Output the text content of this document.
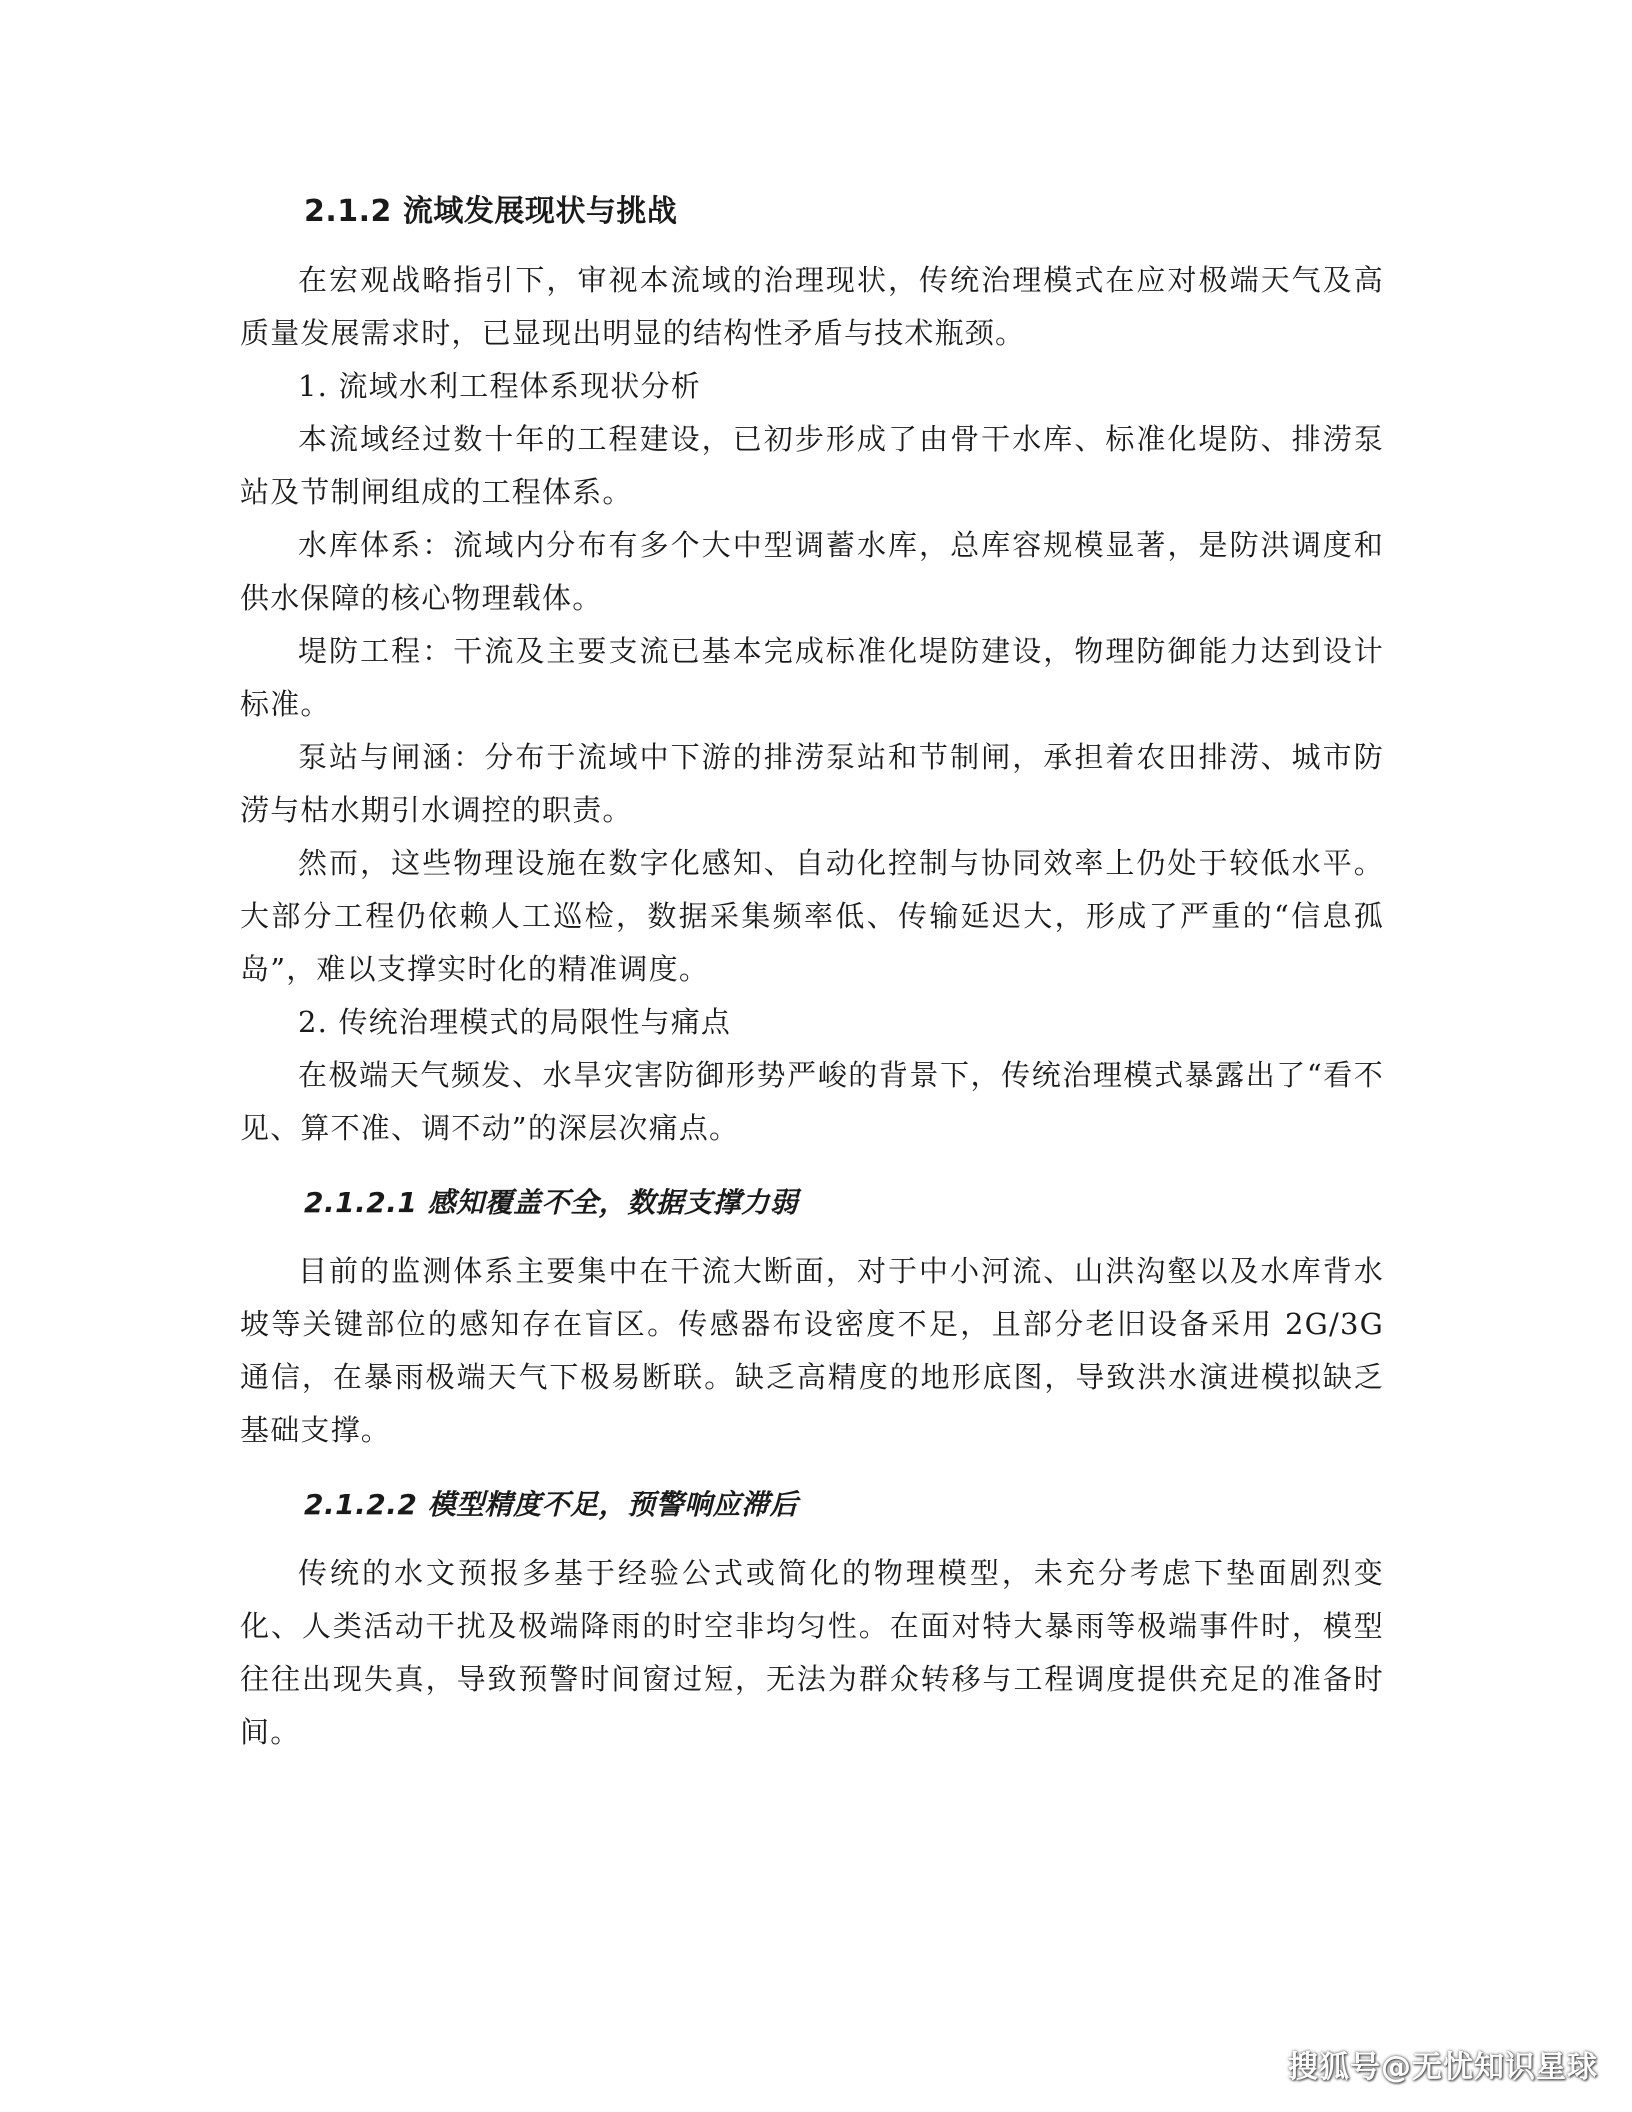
2.1.2 流域发展现状与挑战

在宏观战略指引下，审视本流域的治理现状，传统治理模式在应对极端天气及高质量发展需求时，已显现出明显的结构性矛盾与技术瓶颈。

1. 流域水利工程体系现状分析

本流域经过数十年的工程建设，已初步形成了由骨干水库、标准化堤防、排涝泵站及节制闸组成的工程体系。

水库体系：流域内分布有多个大中型调蓄水库，总库容规模显著，是防洪调度和供水保障的核心物理载体。

堤防工程：干流及主要支流已基本完成标准化堤防建设，物理防御能力达到设计标准。

泵站与闸涵：分布于流域中下游的排涝泵站和节制闸，承担着农田排涝、城市防涝与枯水期引水调控的职责。

然而，这些物理设施在数字化感知、自动化控制与协同效率上仍处于较低水平。大部分工程仍依赖人工巡检，数据采集频率低、传输延迟大，形成了严重的“信息孤岛”，难以支撑实时化的精准调度。

2. 传统治理模式的局限性与痛点

在极端天气频发、水旱灾害防御形势严峻的背景下，传统治理模式暴露出了“看不见、算不准、调不动”的深层次痛点。

2.1.2.1 感知覆盖不全，数据支撑力弱

目前的监测体系主要集中在干流大断面，对于中小河流、山洪沟壑以及水库背水坡等关键部位的感知存在盲区。传感器布设密度不足，且部分老旧设备采用 2G/3G 通信，在暴雨极端天气下极易断联。缺乏高精度的地形底图，导致洪水演进模拟缺乏基础支撑。

2.1.2.2 模型精度不足，预警响应滞后

传统的水文预报多基于经验公式或简化的物理模型，未充分考虑下垫面剧烈变化、人类活动干扰及极端降雨的时空非均匀性。在面对特大暴雨等极端事件时，模型往往出现失真，导致预警时间窗过短，无法为群众转移与工程调度提供充足的准备时间。

搜狐号@无忧知识星球
